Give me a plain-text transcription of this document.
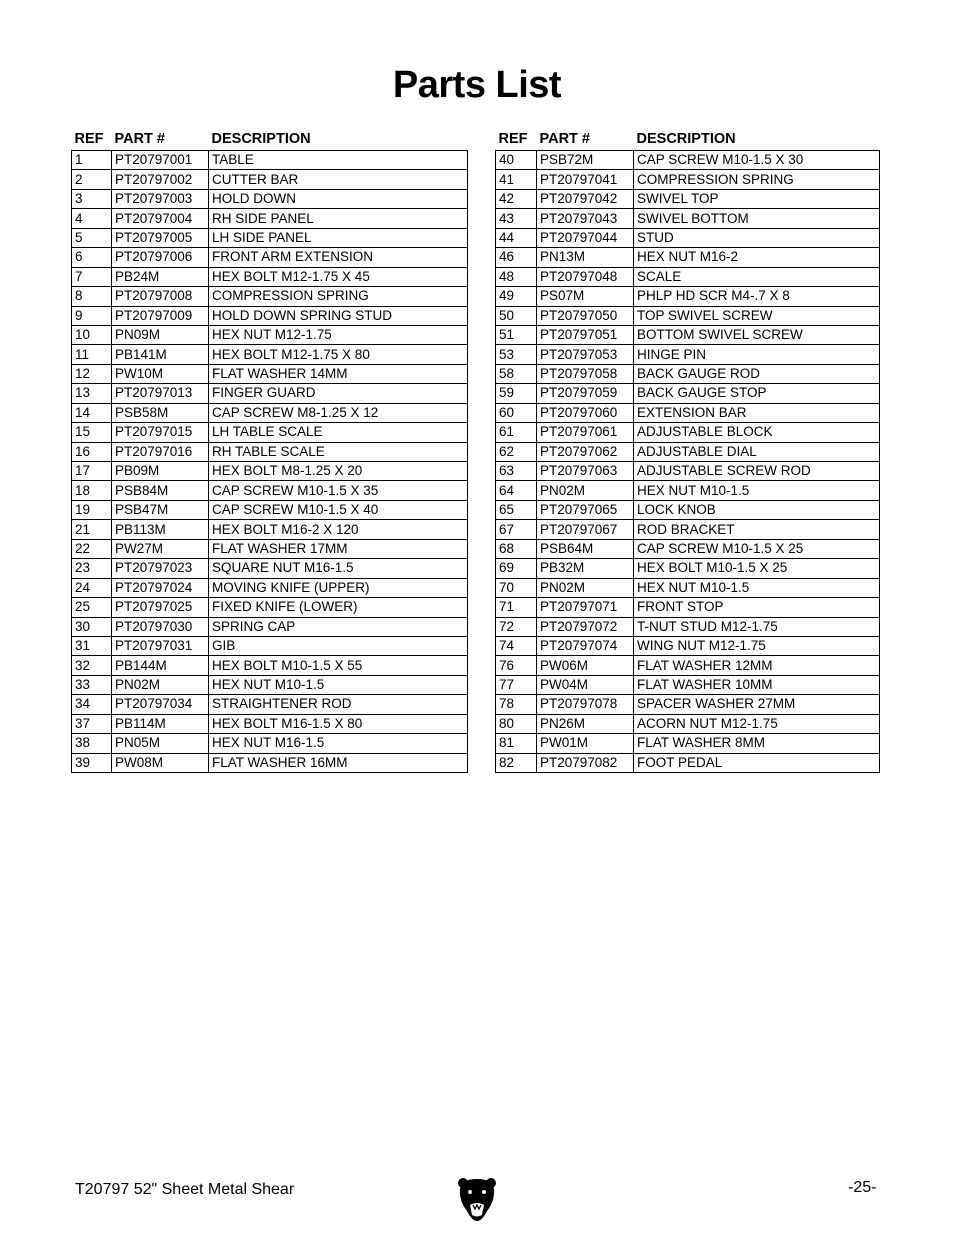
Parts List
REF	PART #	DESCRIPTION
1	PT20797001	TABLE
2	PT20797002	CUTTER BAR
3	PT20797003	HOLD DOWN
4	PT20797004	RH SIDE PANEL
5	PT20797005	LH SIDE PANEL
6	PT20797006	FRONT ARM EXTENSION
7	PB24M	HEX BOLT M12-1.75 X 45
8	PT20797008	COMPRESSION SPRING
9	PT20797009	HOLD DOWN SPRING STUD
10	PN09M	HEX NUT M12-1.75
11	PB141M	HEX BOLT M12-1.75 X 80
12	PW10M	FLAT WASHER 14MM
13	PT20797013	FINGER GUARD
14	PSB58M	CAP SCREW M8-1.25 X 12
15	PT20797015	LH TABLE SCALE
16	PT20797016	RH TABLE SCALE
17	PB09M	HEX BOLT M8-1.25 X 20
18	PSB84M	CAP SCREW M10-1.5 X 35
19	PSB47M	CAP SCREW M10-1.5 X 40
21	PB113M	HEX BOLT M16-2 X 120
22	PW27M	FLAT WASHER 17MM
23	PT20797023	SQUARE NUT M16-1.5
24	PT20797024	MOVING KNIFE (UPPER)
25	PT20797025	FIXED KNIFE (LOWER)
30	PT20797030	SPRING CAP
31	PT20797031	GIB
32	PB144M	HEX BOLT M10-1.5 X 55
33	PN02M	HEX NUT M10-1.5
34	PT20797034	STRAIGHTENER ROD
37	PB114M	HEX BOLT M16-1.5 X 80
38	PN05M	HEX NUT M16-1.5
39	PW08M	FLAT WASHER 16MM
REF	PART #	DESCRIPTION
40	PSB72M	CAP SCREW M10-1.5 X 30
41	PT20797041	COMPRESSION SPRING
42	PT20797042	SWIVEL TOP
43	PT20797043	SWIVEL BOTTOM
44	PT20797044	STUD
46	PN13M	HEX NUT M16-2
48	PT20797048	SCALE
49	PS07M	PHLP HD SCR M4-.7 X 8
50	PT20797050	TOP SWIVEL SCREW
51	PT20797051	BOTTOM SWIVEL SCREW
53	PT20797053	HINGE PIN
58	PT20797058	BACK GAUGE ROD
59	PT20797059	BACK GAUGE STOP
60	PT20797060	EXTENSION BAR
61	PT20797061	ADJUSTABLE BLOCK
62	PT20797062	ADJUSTABLE DIAL
63	PT20797063	ADJUSTABLE SCREW ROD
64	PN02M	HEX NUT M10-1.5
65	PT20797065	LOCK KNOB
67	PT20797067	ROD BRACKET
68	PSB64M	CAP SCREW M10-1.5 X 25
69	PB32M	HEX BOLT M10-1.5 X 25
70	PN02M	HEX NUT M10-1.5
71	PT20797071	FRONT STOP
72	PT20797072	T-NUT STUD M12-1.75
74	PT20797074	WING NUT M12-1.75
76	PW06M	FLAT WASHER 12MM
77	PW04M	FLAT WASHER 10MM
78	PT20797078	SPACER WASHER 27MM
80	PN26M	ACORN NUT M12-1.75
81	PW01M	FLAT WASHER 8MM
82	PT20797082	FOOT PEDAL
T20797 52" Sheet Metal Shear	-25-
